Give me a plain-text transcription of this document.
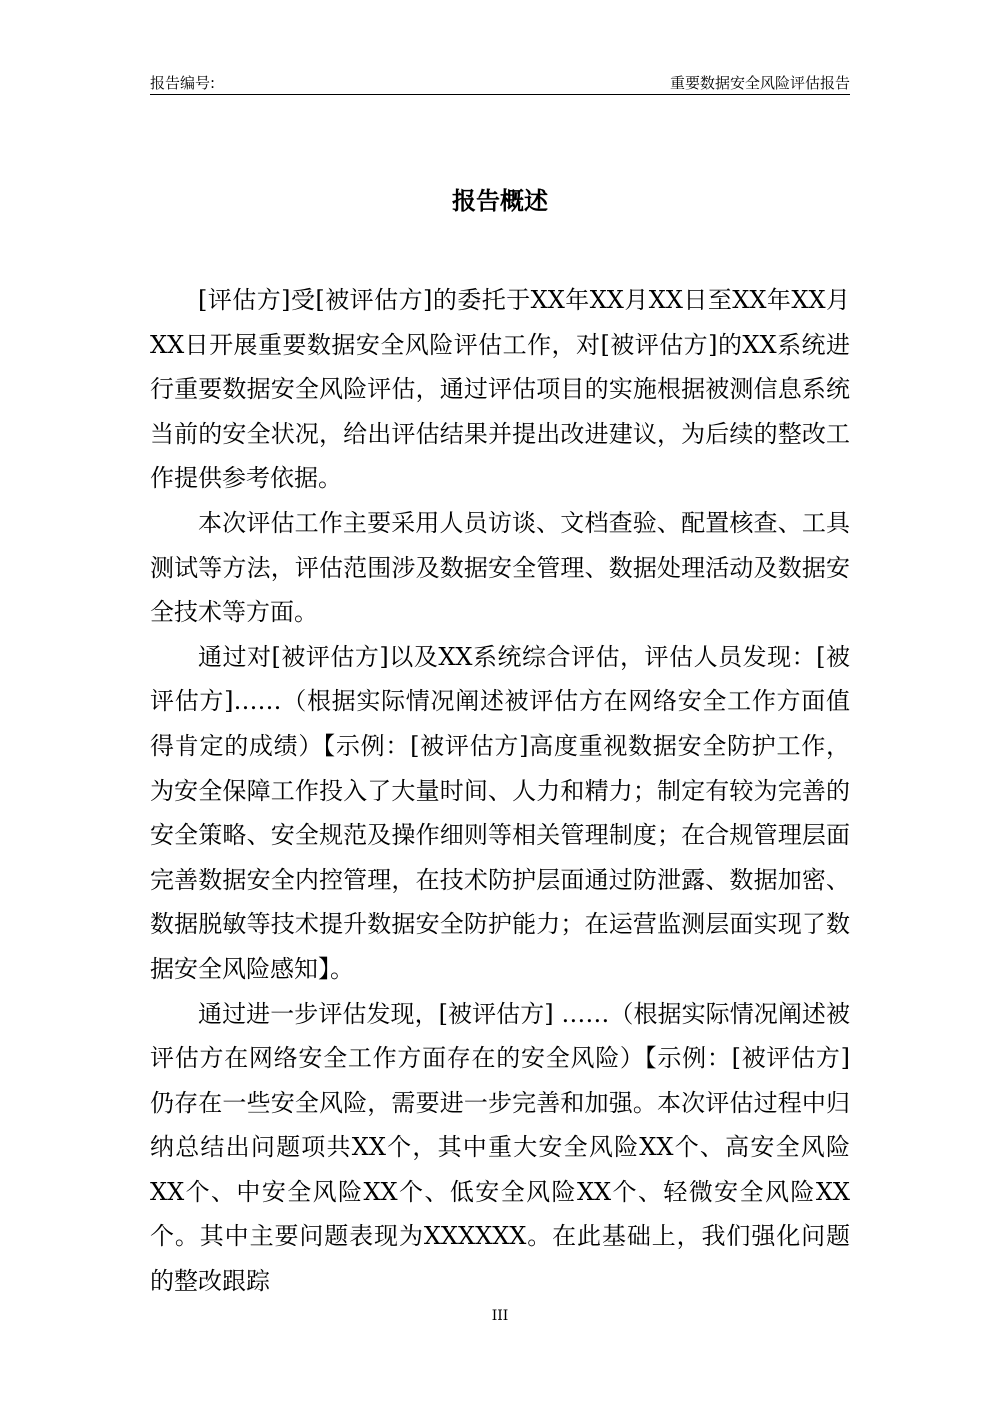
报告编号:	重要数据安全风险评估报告
报告概述

[评估方]受[被评估方]的委托于XX年XX月XX日至XX年XX月XX日开展重要数据安全风险评估工作，对[被评估方]的XX系统进行重要数据安全风险评估，通过评估项目的实施根据被测信息系统当前的安全状况，给出评估结果并提出改进建议，为后续的整改工作提供参考依据。

本次评估工作主要采用人员访谈、文档查验、配置核查、工具测试等方法，评估范围涉及数据安全管理、数据处理活动及数据安全技术等方面。

通过对[被评估方]以及XX系统综合评估，评估人员发现：[被评估方]……（根据实际情况阐述被评估方在网络安全工作方面值得肯定的成绩）【示例：[被评估方]高度重视数据安全防护工作，为安全保障工作投入了大量时间、人力和精力；制定有较为完善的安全策略、安全规范及操作细则等相关管理制度；在合规管理层面完善数据安全内控管理，在技术防护层面通过防泄露、数据加密、数据脱敏等技术提升数据安全防护能力；在运营监测层面实现了数据安全风险感知】。

通过进一步评估发现，[被评估方] ……（根据实际情况阐述被评估方在网络安全工作方面存在的安全风险）【示例：[被评估方]仍存在一些安全风险，需要进一步完善和加强。本次评估过程中归纳总结出问题项共XX个，其中重大安全风险XX个、高安全风险XX个、中安全风险XX个、低安全风险XX个、轻微安全风险XX个。其中主要问题表现为XXXXXX。在此基础上，我们强化问题的整改跟踪

III
